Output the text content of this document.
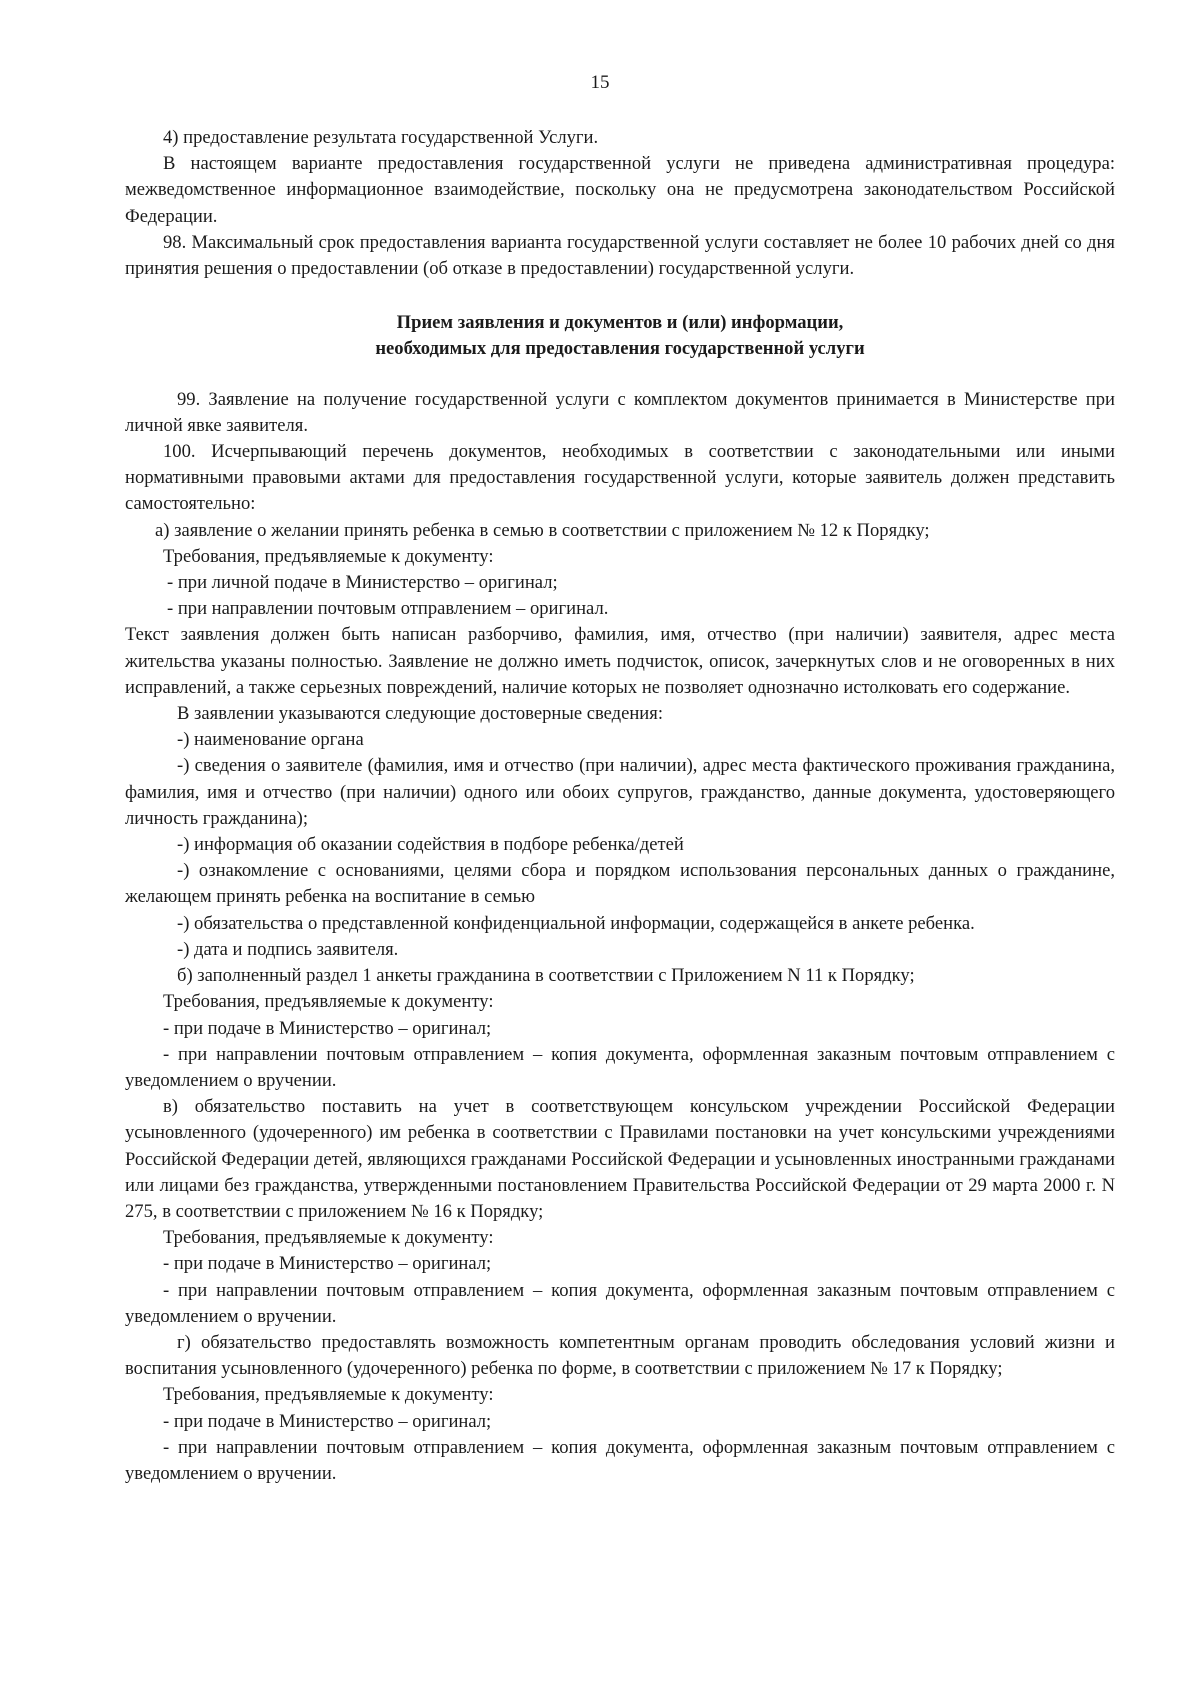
15

4) предоставление результата государственной Услуги.

В настоящем варианте предоставления государственной услуги не приведена административная процедура: межведомственное информационное взаимодействие, поскольку она не предусмотрена законодательством Российской Федерации.

98. Максимальный срок предоставления варианта государственной услуги составляет не более 10 рабочих дней со дня принятия решения о предоставлении (об отказе в предоставлении) государственной услуги.

Прием заявления и документов и (или) информации,
необходимых для предоставления государственной услуги

99. Заявление на получение государственной услуги с комплектом документов принимается в Министерстве при личной явке заявителя.

100. Исчерпывающий перечень документов, необходимых в соответствии с законодательными или иными нормативными правовыми актами для предоставления государственной услуги, которые заявитель должен представить самостоятельно:

а) заявление о желании принять ребенка в семью в соответствии с приложением № 12 к Порядку;

Требования, предъявляемые к документу:

- при личной подаче в Министерство – оригинал;

- при направлении почтовым отправлением – оригинал.

Текст заявления должен быть написан разборчиво, фамилия, имя, отчество (при наличии) заявителя, адрес места жительства указаны полностью. Заявление не должно иметь подчисток, описок, зачеркнутых слов и не оговоренных в них исправлений, а также серьезных повреждений, наличие которых не позволяет однозначно истолковать его содержание.

В заявлении указываются следующие достоверные сведения:

-) наименование органа

-) сведения о заявителе (фамилия, имя и отчество (при наличии), адрес места фактического проживания гражданина, фамилия, имя и отчество (при наличии) одного или обоих супругов, гражданство, данные документа, удостоверяющего личность гражданина);

-) информация об оказании содействия в подборе ребенка/детей

-) ознакомление с основаниями, целями сбора и порядком использования персональных данных о гражданине, желающем принять ребенка на воспитание в семью

-) обязательства о представленной конфиденциальной информации, содержащейся в анкете ребенка.

-) дата и подпись заявителя.

б) заполненный раздел 1 анкеты гражданина в соответствии с Приложением N 11 к Порядку;

Требования, предъявляемые к документу:

- при подаче в Министерство – оригинал;

- при направлении почтовым отправлением – копия документа, оформленная заказным почтовым отправлением с уведомлением о вручении.

в) обязательство поставить на учет в соответствующем консульском учреждении Российской Федерации усыновленного (удочеренного) им ребенка в соответствии с Правилами постановки на учет консульскими учреждениями Российской Федерации детей, являющихся гражданами Российской Федерации и усыновленных иностранными гражданами или лицами без гражданства, утвержденными постановлением Правительства Российской Федерации от 29 марта 2000 г. N 275, в соответствии с приложением № 16 к Порядку;

Требования, предъявляемые к документу:

- при подаче в Министерство – оригинал;

- при направлении почтовым отправлением – копия документа, оформленная заказным почтовым отправлением с уведомлением о вручении.

г) обязательство предоставлять возможность компетентным органам проводить обследования условий жизни и воспитания усыновленного (удочеренного) ребенка по форме, в соответствии с приложением № 17 к Порядку;

Требования, предъявляемые к документу:

- при подаче в Министерство – оригинал;

- при направлении почтовым отправлением – копия документа, оформленная заказным почтовым отправлением с уведомлением о вручении.
